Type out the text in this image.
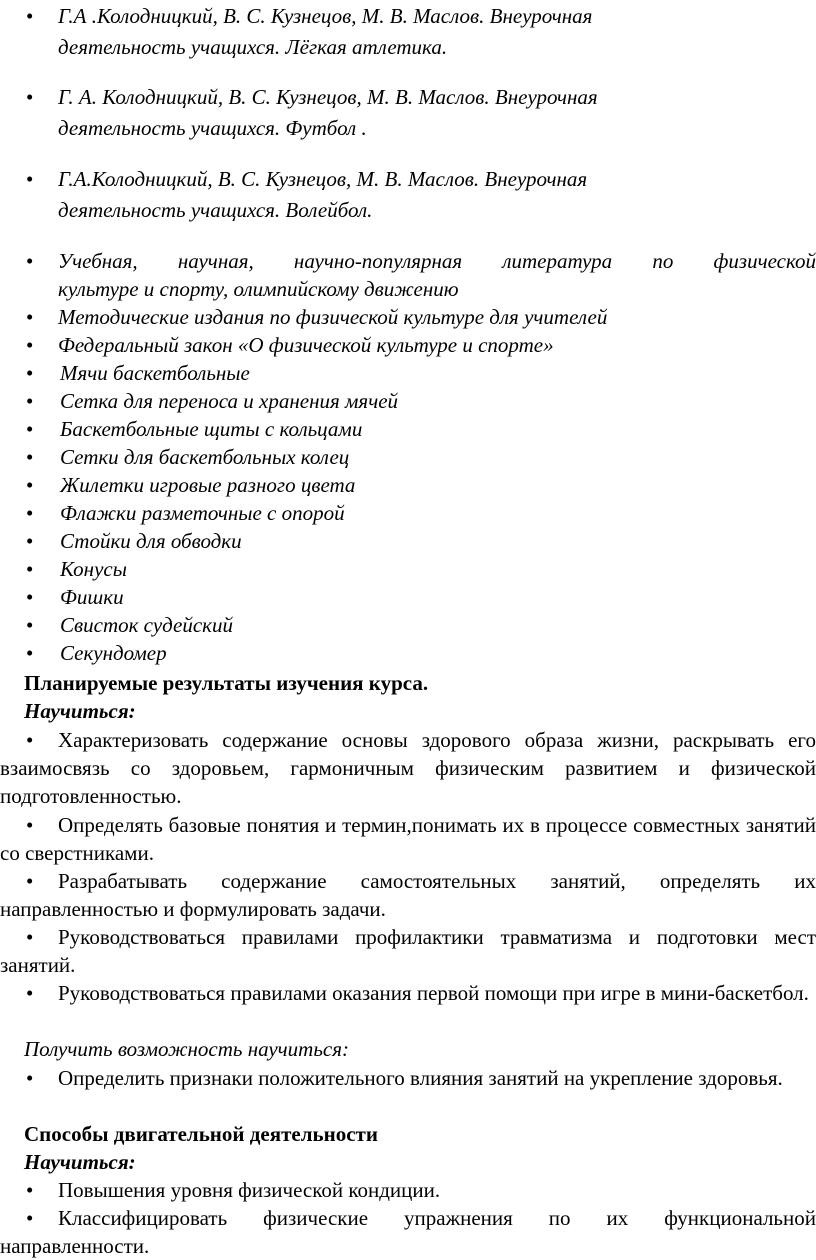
• Г.А .Колодницкий, В. С. Кузнецов, М. В. Маслов. Внеурочная
деятельность учащихся. Лёгкая атлетика.
• Г. А. Колодницкий, В. С. Кузнецов, М. В. Маслов. Внеурочная
деятельность учащихся. Футбол .
• Г.А.Колодницкий, В. С. Кузнецов, М. В. Маслов. Внеурочная
деятельность учащихся. Волейбол.
• Учебная, научная, научно-популярная литература по физической
культуре и спорту, олимпийскому движению
• Методические издания по физической культуре для учителей
• Федеральный закон «О физической культуре и спорте»
• Мячи баскетбольные
• Сетка для переноса и хранения мячей
• Баскетбольные щиты с кольцами
• Сетки для баскетбольных колец
• Жилетки игровые разного цвета
• Флажки разметочные с опорой
• Стойки для обводки
• Конусы
• Фишки
• Свисток судейский
• Секундомер
Планируемые результаты изучения курса.
Научиться:
• Характеризовать содержание основы здорового образа жизни, раскрывать его взаимосвязь со здоровьем, гармоничным физическим развитием и физической подготовленностью.
• Определять базовые понятия и термин,понимать их в процессе совместных занятий со сверстниками.
• Разрабатывать содержание самостоятельных занятий, определять их направленностью и формулировать задачи.
• Руководствоваться правилами профилактики травматизма и подготовки мест занятий.
• Руководствоваться правилами оказания первой помощи при игре в мини-баскетбол.
Получить возможность научиться:
• Определить признаки положительного влияния занятий на укрепление здоровья.
Способы двигательной деятельности
Научиться:
• Повышения уровня физической кондиции.
• Классифицировать физические упражнения по их функциональной направленности.
